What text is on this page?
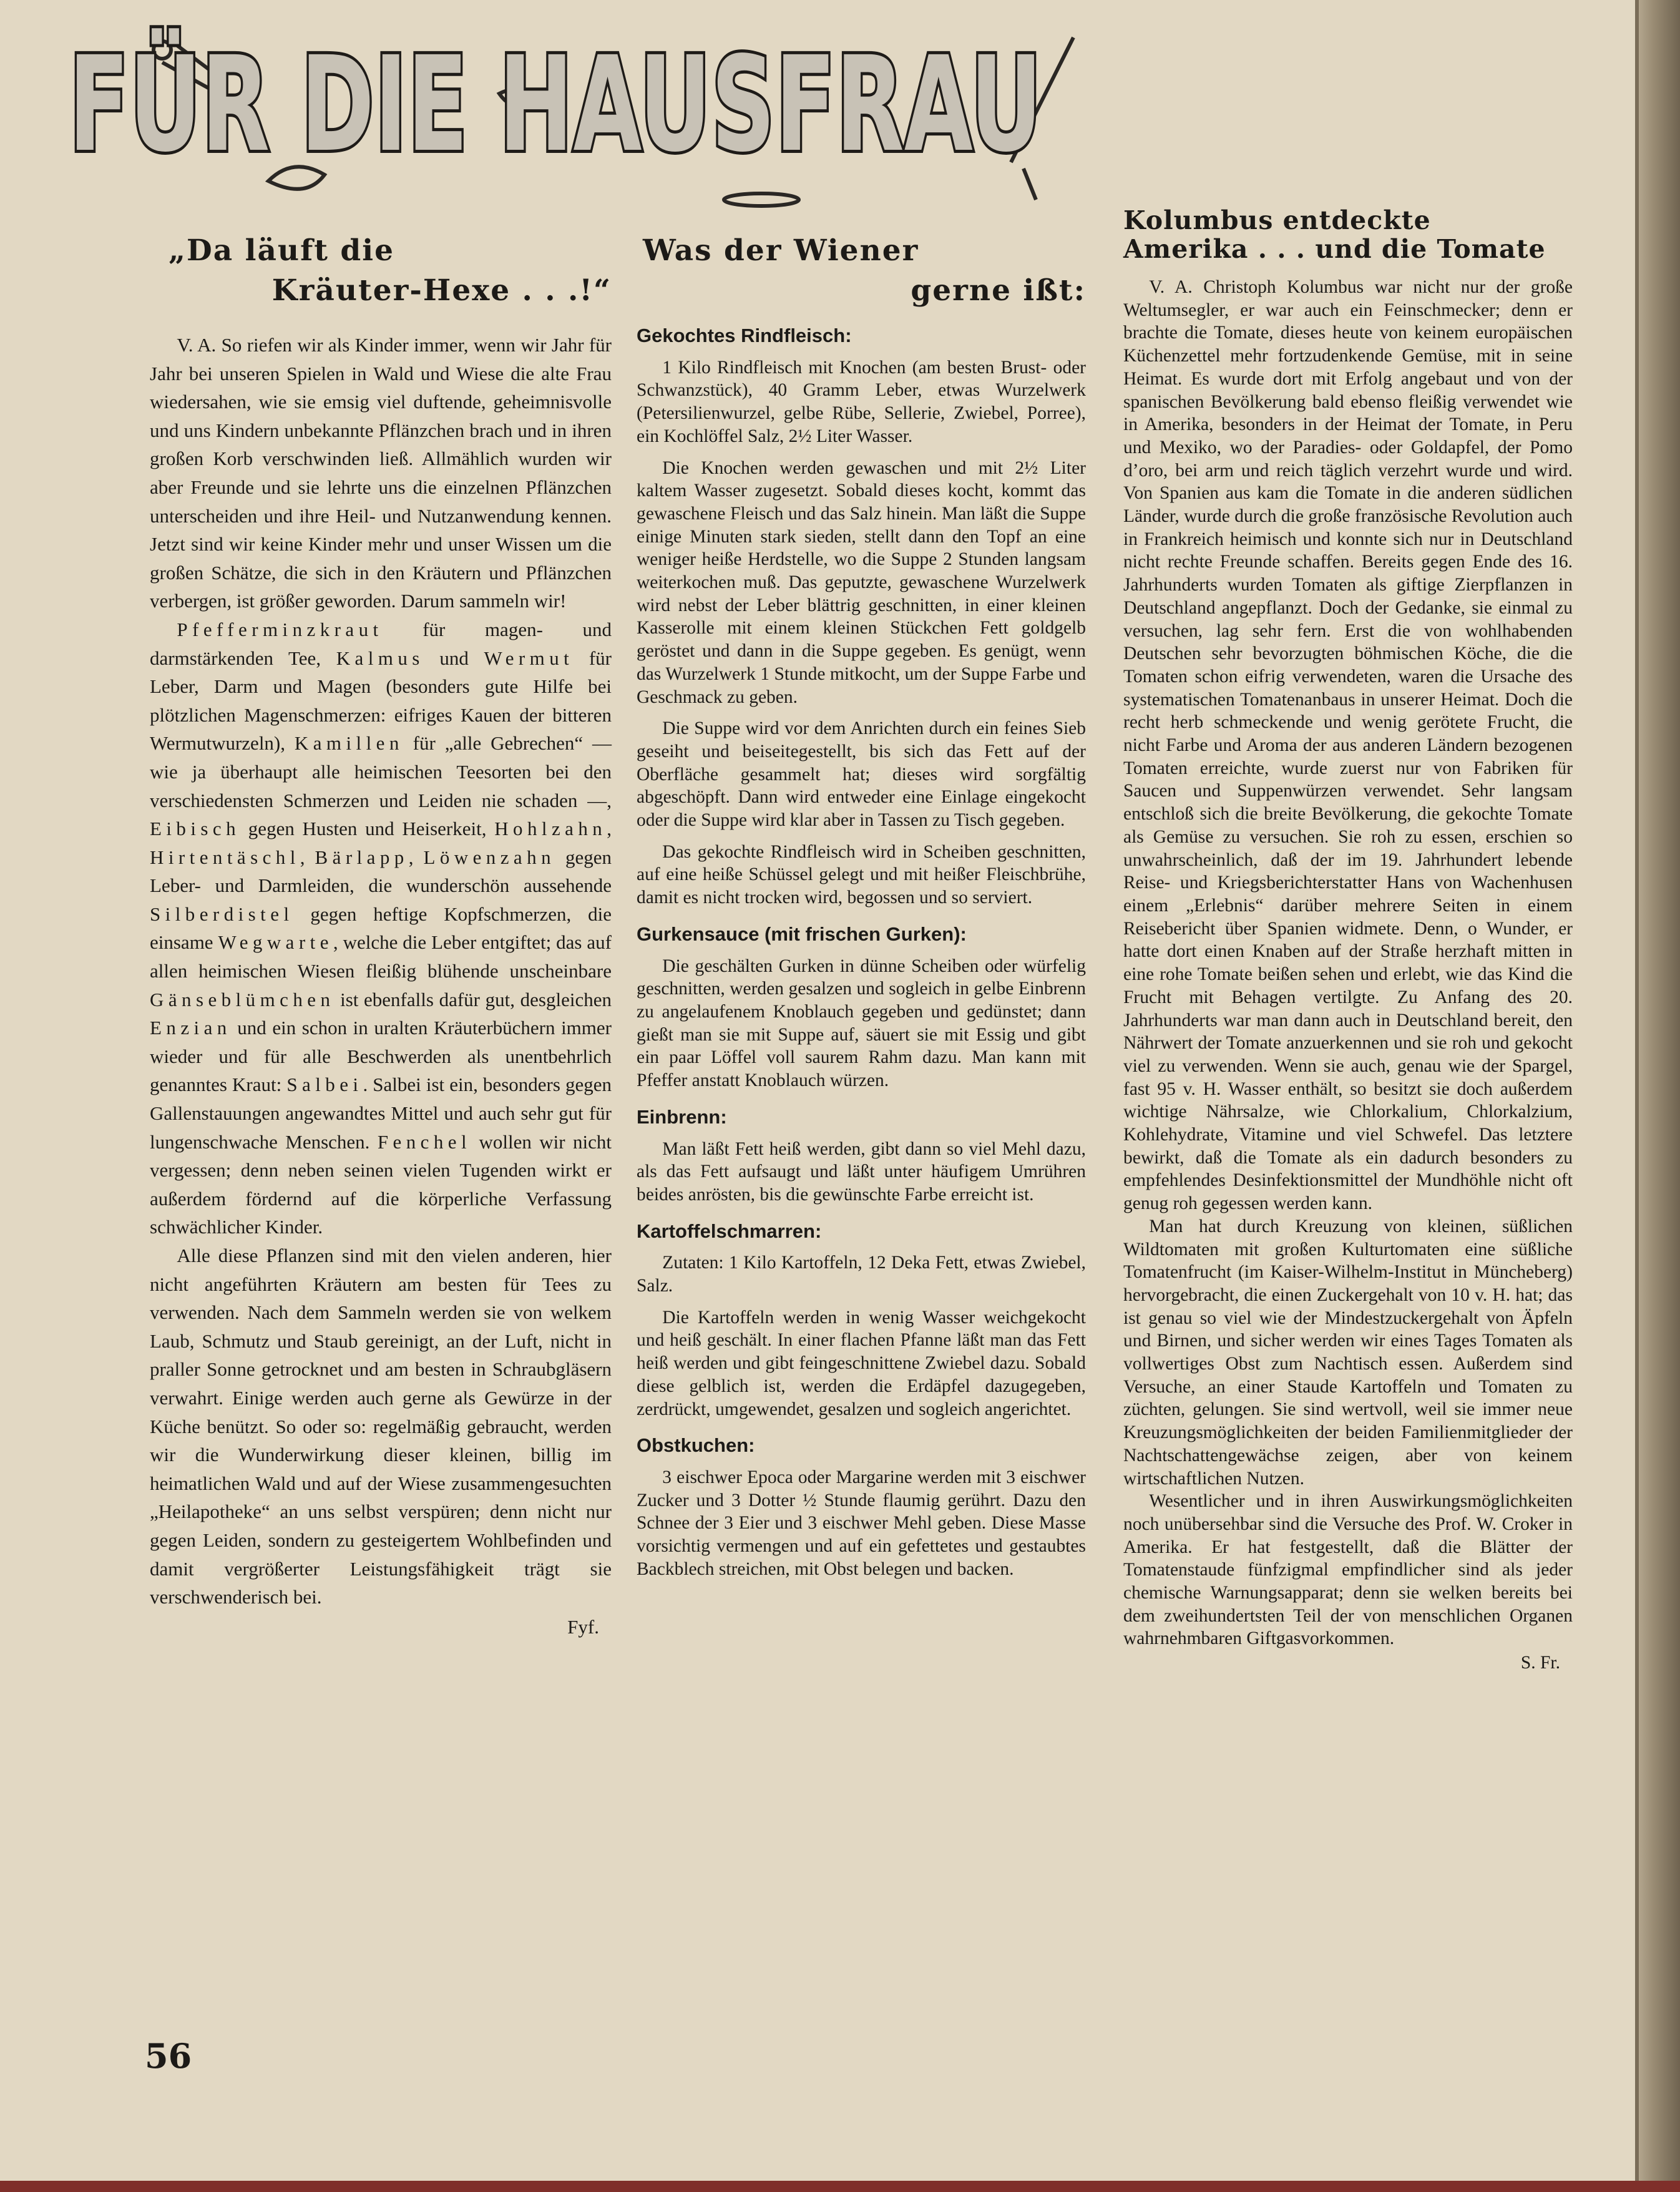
FÜR DIE HAUSFRAU

„Da läuft die

Kräuter-Hexe . . .!“

V. A. So riefen wir als Kinder immer, wenn wir Jahr für Jahr bei unseren Spielen in Wald und Wiese die alte Frau wiedersahen, wie sie emsig viel duftende, geheimnisvolle und uns Kindern unbekannte Pflänzchen brach und in ihren großen Korb verschwinden ließ. Allmählich wurden wir aber Freunde und sie lehrte uns die einzelnen Pflänzchen unterscheiden und ihre Heil- und Nutzanwendung kennen. Jetzt sind wir keine Kinder mehr und unser Wissen um die großen Schätze, die sich in den Kräutern und Pflänzchen verbergen, ist größer geworden. Darum sammeln wir!

Pfefferminzkraut für magen- und darmstärkenden Tee, Kalmus und Wermut für Leber, Darm und Magen (besonders gute Hilfe bei plötzlichen Magenschmerzen: eifriges Kauen der bitteren Wermutwurzeln), Kamillen für „alle Gebrechen“ — wie ja überhaupt alle heimischen Teesorten bei den verschiedensten Schmerzen und Leiden nie schaden —, Eibisch gegen Husten und Heiserkeit, Hohlzahn, Hirtentäschl, Bärlapp, Löwenzahn gegen Leber- und Darmleiden, die wunderschön aussehende Silberdistel gegen heftige Kopfschmerzen, die einsame Wegwarte, welche die Leber entgiftet; das auf allen heimischen Wiesen fleißig blühende unscheinbare Gänseblümchen ist ebenfalls dafür gut, desgleichen Enzian und ein schon in uralten Kräuterbüchern immer wieder und für alle Beschwerden als unentbehrlich genanntes Kraut: Salbei. Salbei ist ein, besonders gegen Gallenstauungen angewandtes Mittel und auch sehr gut für lungenschwache Menschen. Fenchel wollen wir nicht vergessen; denn neben seinen vielen Tugenden wirkt er außerdem fördernd auf die körperliche Verfassung schwächlicher Kinder.

Alle diese Pflanzen sind mit den vielen anderen, hier nicht angeführten Kräutern am besten für Tees zu verwenden. Nach dem Sammeln werden sie von welkem Laub, Schmutz und Staub gereinigt, an der Luft, nicht in praller Sonne getrocknet und am besten in Schraubgläsern verwahrt. Einige werden auch gerne als Gewürze in der Küche benützt. So oder so: regelmäßig gebraucht, werden wir die Wunderwirkung dieser kleinen, billig im heimatlichen Wald und auf der Wiese zusammengesuchten „Heilapotheke“ an uns selbst verspüren; denn nicht nur gegen Leiden, sondern zu gesteigertem Wohlbefinden und damit vergrößerter Leistungsfähigkeit trägt sie verschwenderisch bei.

Fyf.

Was der Wiener

gerne ißt:

Gekochtes Rindfleisch:

1 Kilo Rindfleisch mit Knochen (am besten Brust- oder Schwanzstück), 40 Gramm Leber, etwas Wurzelwerk (Petersilienwurzel, gelbe Rübe, Sellerie, Zwiebel, Porree), ein Kochlöffel Salz, 2½ Liter Wasser.

Die Knochen werden gewaschen und mit 2½ Liter kaltem Wasser zugesetzt. Sobald dieses kocht, kommt das gewaschene Fleisch und das Salz hinein. Man läßt die Suppe einige Minuten stark sieden, stellt dann den Topf an eine weniger heiße Herdstelle, wo die Suppe 2 Stunden langsam weiterkochen muß. Das geputzte, gewaschene Wurzelwerk wird nebst der Leber blättrig geschnitten, in einer kleinen Kasserolle mit einem kleinen Stückchen Fett goldgelb geröstet und dann in die Suppe gegeben. Es genügt, wenn das Wurzelwerk 1 Stunde mitkocht, um der Suppe Farbe und Geschmack zu geben.

Die Suppe wird vor dem Anrichten durch ein feines Sieb geseiht und beiseitegestellt, bis sich das Fett auf der Oberfläche gesammelt hat; dieses wird sorgfältig abgeschöpft. Dann wird entweder eine Einlage eingekocht oder die Suppe wird klar aber in Tassen zu Tisch gegeben.

Das gekochte Rindfleisch wird in Scheiben geschnitten, auf eine heiße Schüssel gelegt und mit heißer Fleischbrühe, damit es nicht trocken wird, begossen und so serviert.

Gurkensauce (mit frischen Gurken):

Die geschälten Gurken in dünne Scheiben oder würfelig geschnitten, werden gesalzen und sogleich in gelbe Einbrenn zu angelaufenem Knoblauch gegeben und gedünstet; dann gießt man sie mit Suppe auf, säuert sie mit Essig und gibt ein paar Löffel voll saurem Rahm dazu. Man kann mit Pfeffer anstatt Knoblauch würzen.

Einbrenn:

Man läßt Fett heiß werden, gibt dann so viel Mehl dazu, als das Fett aufsaugt und läßt unter häufigem Umrühren beides anrösten, bis die gewünschte Farbe erreicht ist.

Kartoffelschmarren:

Zutaten: 1 Kilo Kartoffeln, 12 Deka Fett, etwas Zwiebel, Salz.

Die Kartoffeln werden in wenig Wasser weichgekocht und heiß geschält. In einer flachen Pfanne läßt man das Fett heiß werden und gibt feingeschnittene Zwiebel dazu. Sobald diese gelblich ist, werden die Erdäpfel dazugegeben, zerdrückt, umgewendet, gesalzen und sogleich angerichtet.

Obstkuchen:

3 eischwer Epoca oder Margarine werden mit 3 eischwer Zucker und 3 Dotter ½ Stunde flaumig gerührt. Dazu den Schnee der 3 Eier und 3 eischwer Mehl geben. Diese Masse vorsichtig vermengen und auf ein gefettetes und gestaubtes Backblech streichen, mit Obst belegen und backen.

Kolumbus entdeckte

Amerika . . . und die Tomate

V. A. Christoph Kolumbus war nicht nur der große Weltumsegler, er war auch ein Feinschmecker; denn er brachte die Tomate, dieses heute von keinem europäischen Küchenzettel mehr fortzudenkende Gemüse, mit in seine Heimat. Es wurde dort mit Erfolg angebaut und von der spanischen Bevölkerung bald ebenso fleißig verwendet wie in Amerika, besonders in der Heimat der Tomate, in Peru und Mexiko, wo der Paradies- oder Goldapfel, der Pomo d’oro, bei arm und reich täglich verzehrt wurde und wird. Von Spanien aus kam die Tomate in die anderen südlichen Länder, wurde durch die große französische Revolution auch in Frankreich heimisch und konnte sich nur in Deutschland nicht rechte Freunde schaffen. Bereits gegen Ende des 16. Jahrhunderts wurden Tomaten als giftige Zierpflanzen in Deutschland angepflanzt. Doch der Gedanke, sie einmal zu versuchen, lag sehr fern. Erst die von wohlhabenden Deutschen sehr bevorzugten böhmischen Köche, die die Tomaten schon eifrig verwendeten, waren die Ursache des systematischen Tomatenanbaus in unserer Heimat. Doch die recht herb schmeckende und wenig gerötete Frucht, die nicht Farbe und Aroma der aus anderen Ländern bezogenen Tomaten erreichte, wurde zuerst nur von Fabriken für Saucen und Suppenwürzen verwendet. Sehr langsam entschloß sich die breite Bevölkerung, die gekochte Tomate als Gemüse zu versuchen. Sie roh zu essen, erschien so unwahrscheinlich, daß der im 19. Jahrhundert lebende Reise- und Kriegsberichterstatter Hans von Wachenhusen einem „Erlebnis“ darüber mehrere Seiten in einem Reisebericht über Spanien widmete. Denn, o Wunder, er hatte dort einen Knaben auf der Straße herzhaft mitten in eine rohe Tomate beißen sehen und erlebt, wie das Kind die Frucht mit Behagen vertilgte. Zu Anfang des 20. Jahrhunderts war man dann auch in Deutschland bereit, den Nährwert der Tomate anzuerkennen und sie roh und gekocht viel zu verwenden. Wenn sie auch, genau wie der Spargel, fast 95 v. H. Wasser enthält, so besitzt sie doch außerdem wichtige Nährsalze, wie Chlorkalium, Chlorkalzium, Kohlehydrate, Vitamine und viel Schwefel. Das letztere bewirkt, daß die Tomate als ein dadurch besonders zu empfehlendes Desinfektionsmittel der Mundhöhle nicht oft genug roh gegessen werden kann.

Man hat durch Kreuzung von kleinen, süßlichen Wildtomaten mit großen Kulturtomaten eine süßliche Tomatenfrucht (im Kaiser-Wilhelm-Institut in Müncheberg) hervorgebracht, die einen Zuckergehalt von 10 v. H. hat; das ist genau so viel wie der Mindestzuckergehalt von Äpfeln und Birnen, und sicher werden wir eines Tages Tomaten als vollwertiges Obst zum Nachtisch essen. Außerdem sind Versuche, an einer Staude Kartoffeln und Tomaten zu züchten, gelungen. Sie sind wertvoll, weil sie immer neue Kreuzungsmöglichkeiten der beiden Familienmitglieder der Nachtschattengewächse zeigen, aber von keinem wirtschaftlichen Nutzen.

Wesentlicher und in ihren Auswirkungsmöglichkeiten noch unübersehbar sind die Versuche des Prof. W. Croker in Amerika. Er hat festgestellt, daß die Blätter der Tomatenstaude fünfzigmal empfindlicher sind als jeder chemische Warnungsapparat; denn sie welken bereits bei dem zweihundertsten Teil der von menschlichen Organen wahrnehmbaren Giftgasvorkommen.

S. Fr.

56
